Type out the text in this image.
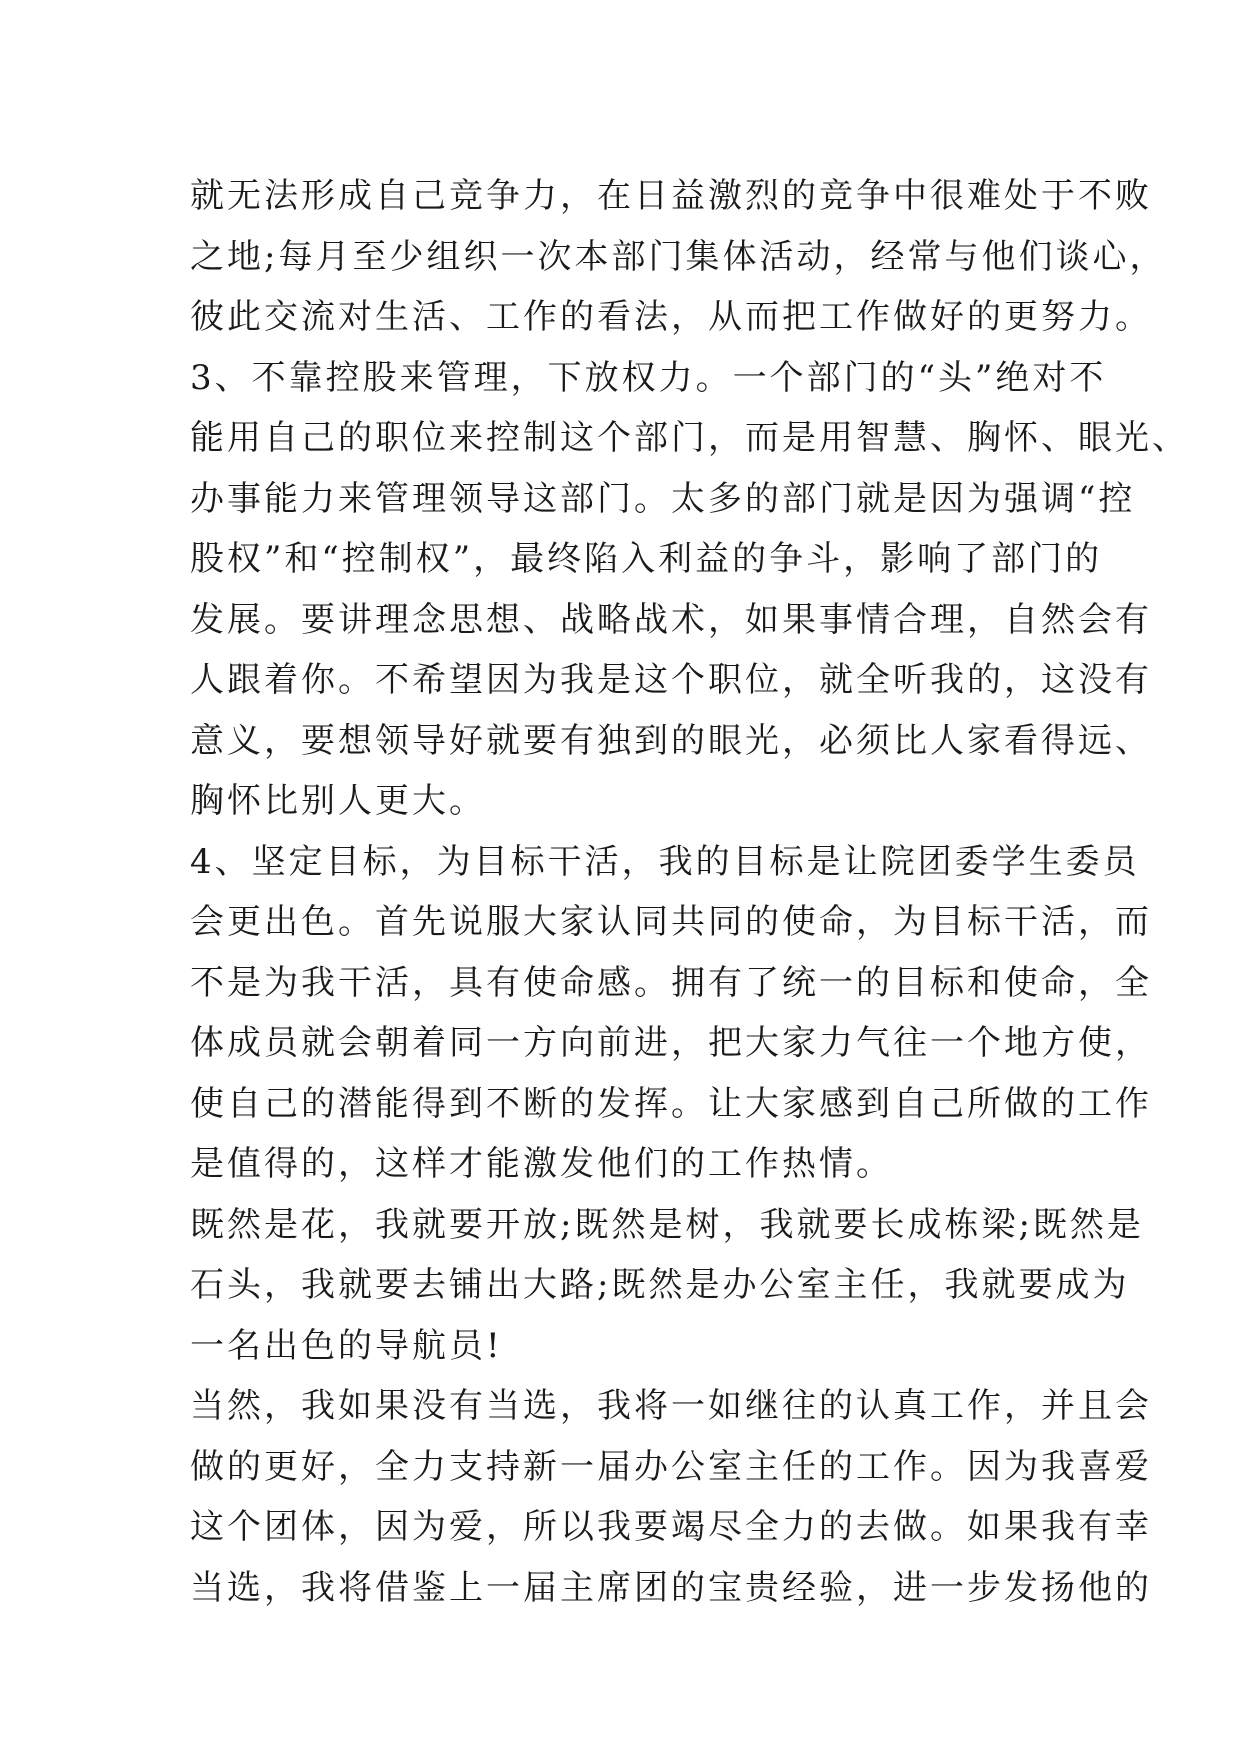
就无法形成自己竞争力，在日益激烈的竞争中很难处于不败
之地;每月至少组织一次本部门集体活动，经常与他们谈心，
彼此交流对生活、工作的看法，从而把工作做好的更努力。
3、不靠控股来管理，下放权力。一个部门的“头”绝对不
能用自己的职位来控制这个部门，而是用智慧、胸怀、眼光、
办事能力来管理领导这部门。太多的部门就是因为强调“控
股权”和“控制权”，最终陷入利益的争斗，影响了部门的
发展。要讲理念思想、战略战术，如果事情合理，自然会有
人跟着你。不希望因为我是这个职位，就全听我的，这没有
意义，要想领导好就要有独到的眼光，必须比人家看得远、
胸怀比别人更大。
4、坚定目标，为目标干活，我的目标是让院团委学生委员
会更出色。首先说服大家认同共同的使命，为目标干活，而
不是为我干活，具有使命感。拥有了统一的目标和使命，全
体成员就会朝着同一方向前进，把大家力气往一个地方使，
使自己的潜能得到不断的发挥。让大家感到自己所做的工作
是值得的，这样才能激发他们的工作热情。
既然是花，我就要开放;既然是树，我就要长成栋梁;既然是
石头，我就要去铺出大路;既然是办公室主任，我就要成为
一名出色的导航员!
当然，我如果没有当选，我将一如继往的认真工作，并且会
做的更好，全力支持新一届办公室主任的工作。因为我喜爱
这个团体，因为爱，所以我要竭尽全力的去做。如果我有幸
当选，我将借鉴上一届主席团的宝贵经验，进一步发扬他的
